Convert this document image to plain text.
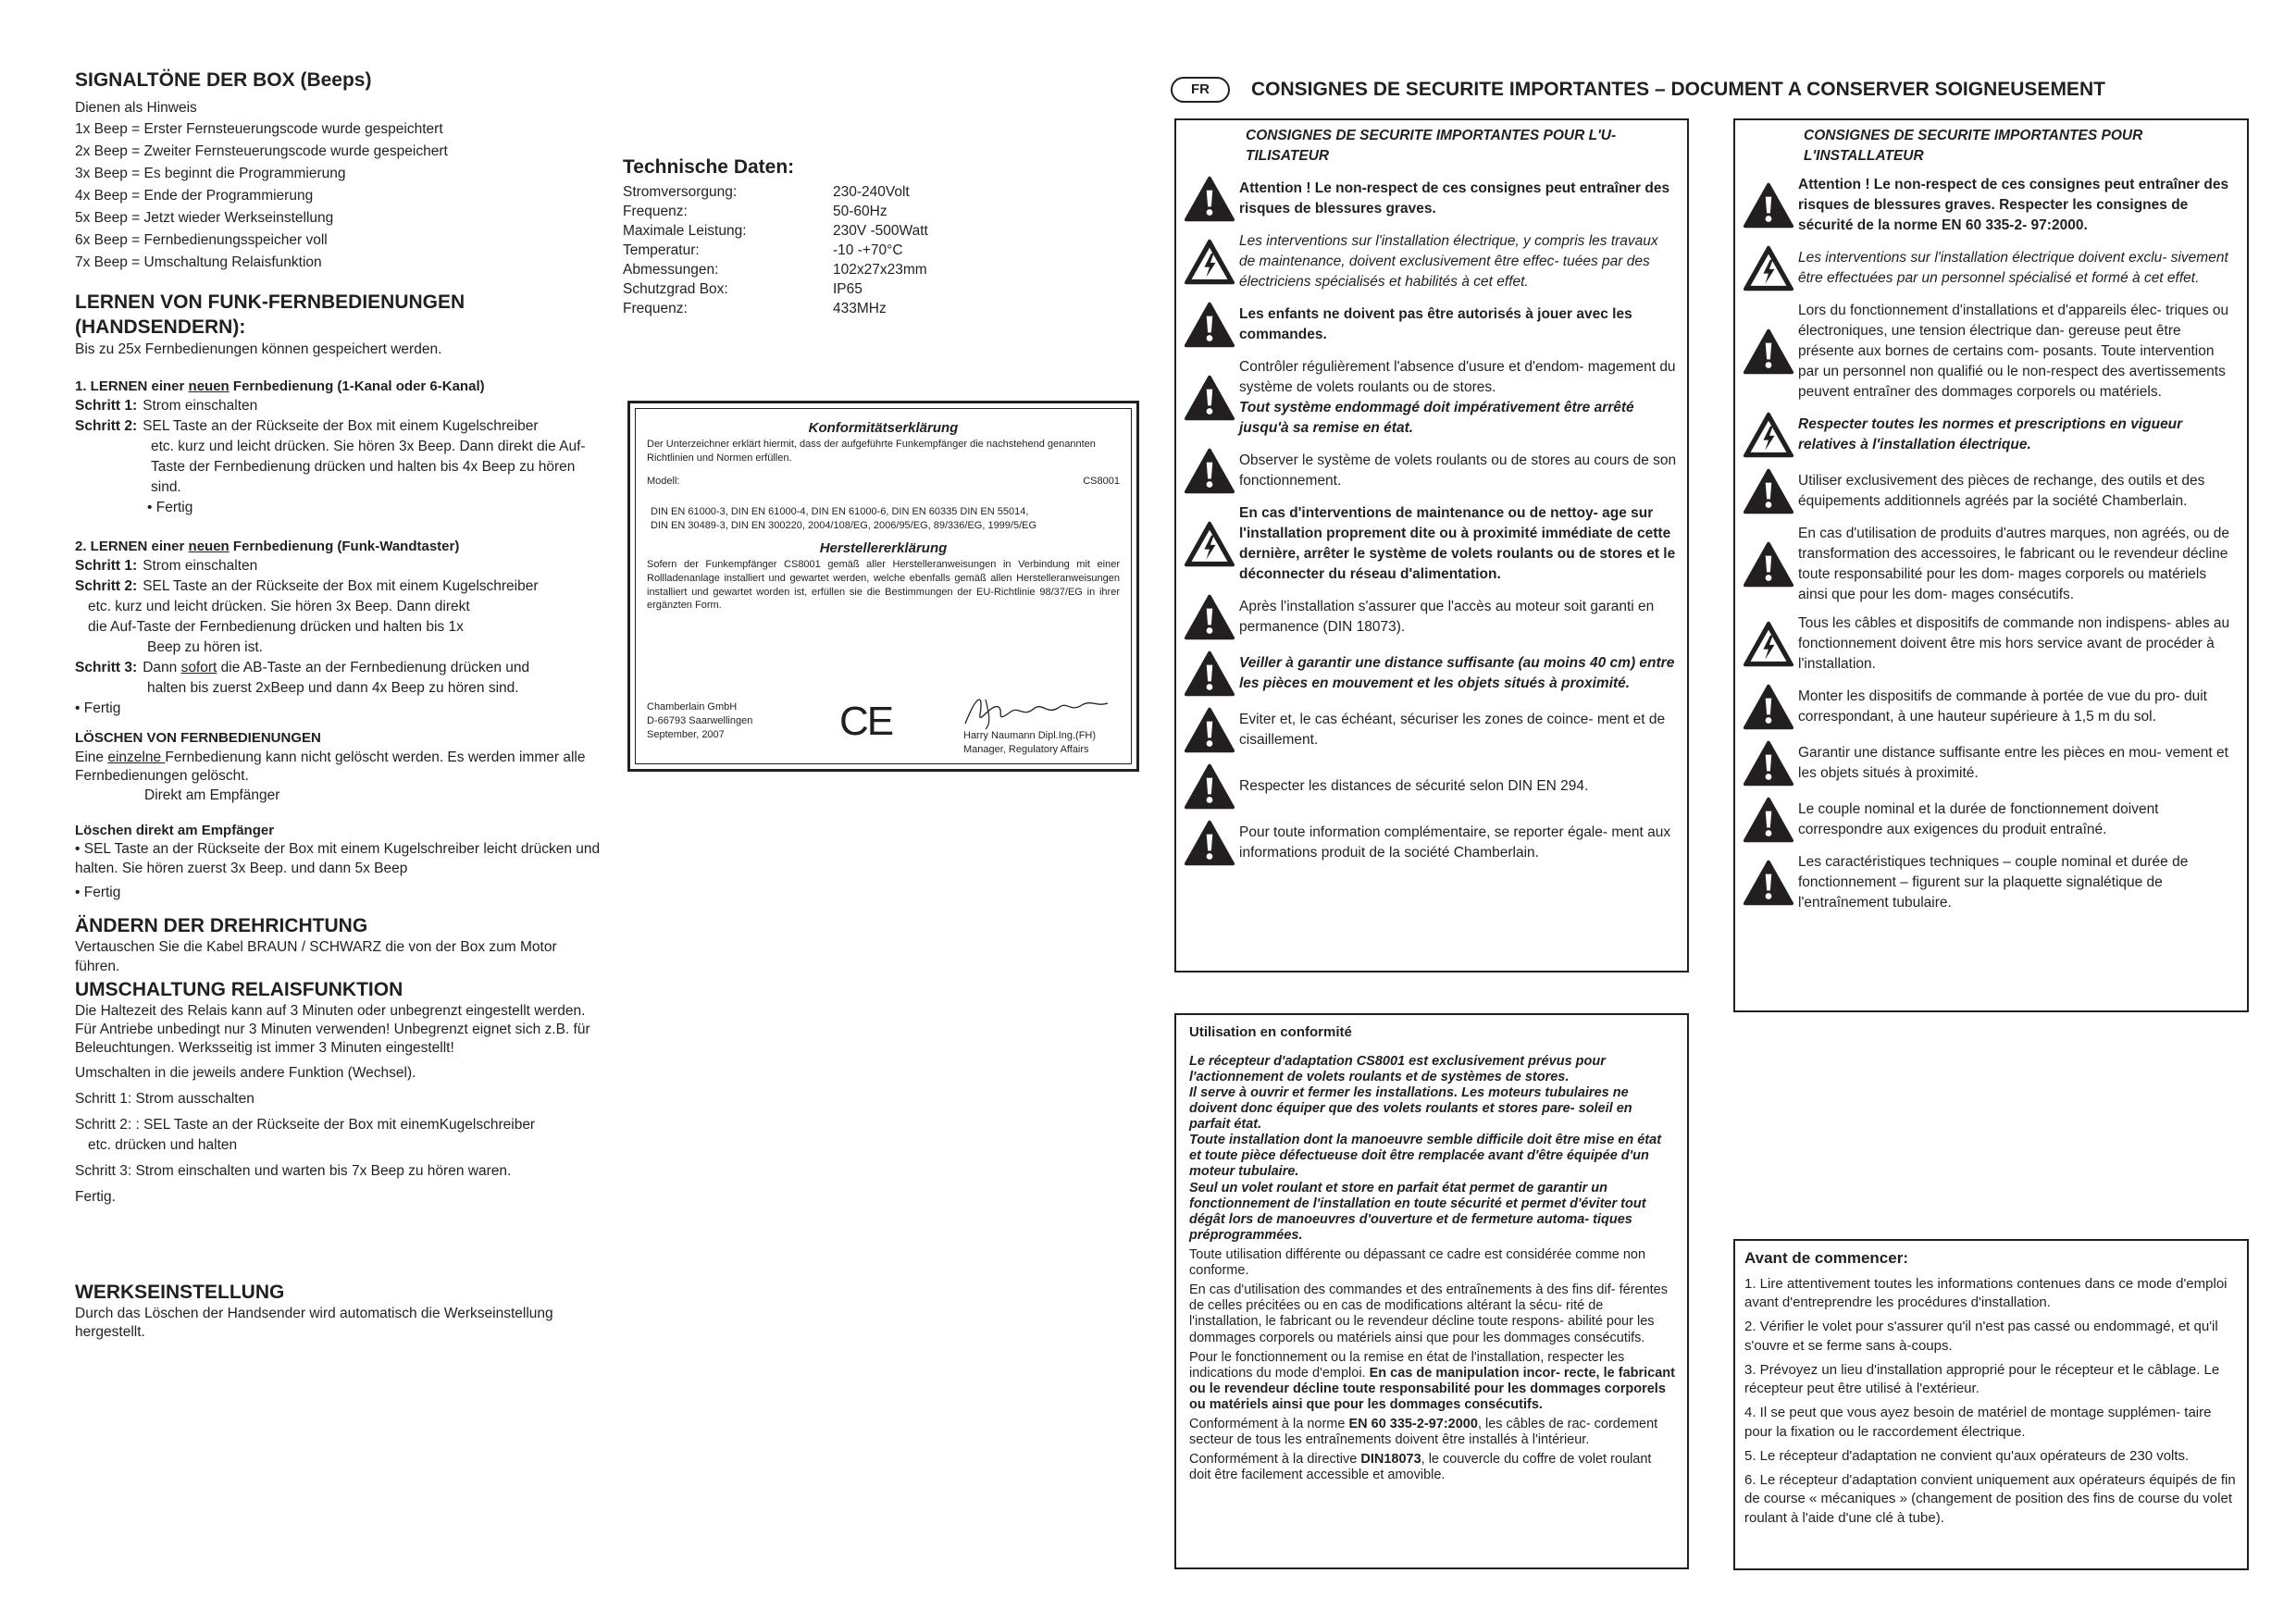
SIGNALTÖNE DER BOX (Beeps)

Dienen als Hinweis

1x Beep = Erster Fernsteuerungscode wurde gespeichtert
2x Beep = Zweiter Fernsteuerungscode wurde gespeichert
3x Beep = Es beginnt die Programmierung
4x Beep = Ende der Programmierung
5x Beep = Jetzt wieder Werkseinstellung
6x Beep = Fernbedienungsspeicher voll
7x Beep = Umschaltung Relaisfunktion

LERNEN VON FUNK-FERNBEDIENUNGEN (HANDSENDERN):

Bis zu 25x Fernbedienungen können gespeichert werden.

1. LERNEN einer neuen Fernbedienung (1-Kanal oder 6-Kanal)

Schritt 1: Strom einschalten
Schritt 2: SEL Taste an der Rückseite der Box mit einem Kugelschreiber

etc. kurz und leicht drücken. Sie hören 3x Beep. Dann direkt die Auf-Taste der Fernbedienung drücken und halten bis 4x Beep zu hören sind.

• Fertig

2. LERNEN einer neuen Fernbedienung (Funk-Wandtaster)

Schritt 1: Strom einschalten
Schritt 2: SEL Taste an der Rückseite der Box mit einem Kugelschreiber

etc. kurz und leicht drücken. Sie hören 3x Beep. Dann direkt

die Auf-Taste der Fernbedienung drücken und halten bis 1x

Beep zu hören ist.

Schritt 3: Dann sofort die AB-Taste an der Fernbedienung drücken und

halten bis zuerst 2xBeep und dann 4x Beep zu hören sind.

• Fertig

LÖSCHEN VON FERNBEDIENUNGEN

Eine einzelne Fernbedienung kann nicht gelöscht werden. Es werden immer alle Fernbedienungen gelöscht.

Direkt am Empfänger

Löschen direkt am Empfänger

• SEL Taste an der Rückseite der Box mit einem Kugelschreiber leicht drücken und halten. Sie hören zuerst 3x Beep. und dann 5x Beep

• Fertig

ÄNDERN DER DREHRICHTUNG

Vertauschen Sie die Kabel BRAUN / SCHWARZ die von der Box zum Motor führen.

UMSCHALTUNG RELAISFUNKTION

Die Haltezeit des Relais kann auf 3 Minuten oder unbegrenzt eingestellt werden. Für Antriebe unbedingt nur 3 Minuten verwenden! Unbegrenzt eignet sich z.B. für Beleuchtungen. Werksseitig ist immer 3 Minuten eingestellt!

Umschalten in die jeweils andere Funktion (Wechsel).

Schritt 1: Strom ausschalten

Schritt 2: : SEL Taste an der Rückseite der Box mit einemKugelschreiber

etc. drücken und halten

Schritt 3: Strom einschalten und warten bis 7x Beep zu hören waren.

Fertig.

WERKSEINSTELLUNG

Durch das Löschen der Handsender wird automatisch die Werkseinstellung hergestellt.

Technische Daten:

Stromversorgung:	230-240Volt
Frequenz:	50-60Hz
Maximale Leistung:	230V -500Watt
Temperatur:	-10 -+70°C
Abmessungen:	102x27x23mm
Schutzgrad Box:	IP65
Frequenz:	433MHz

Konformitätserklärung

Der Unterzeichner erklärt hiermit, dass der aufgeführte Funkempfänger die nachstehend genannten Richtlinien und Normen erfüllen.

Modell:	CS8001

DIN EN 61000-3, DIN EN 61000-4, DIN EN 61000-6, DIN EN 60335 DIN EN 55014,

DIN EN 30489-3, DIN EN 300220, 2004/108/EG, 2006/95/EG, 89/336/EG, 1999/5/EG

Herstellererklärung

Sofern der Funkempfänger CS8001 gemäß aller Herstelleranweisungen in Verbindung mit einer Rollladenanlage installiert und gewartet werden, welche ebenfalls gemäß allen Herstelleranweisungen installiert und gewartet worden ist, erfüllen sie die Bestimmungen der EU-Richtlinie 98/37/EG in ihrer ergänzten Form.

Chamberlain GmbH
D-66793 Saarwellingen
September, 2007	CE	Harry Naumann Dipl.Ing.(FH)
Manager, Regulatory Affairs
FR	CONSIGNES DE SECURITE IMPORTANTES – DOCUMENT A CONSERVER SOIGNEUSEMENT

CONSIGNES DE SECURITE IMPORTANTES POUR L'U- TILISATEUR

Attention ! Le non-respect de ces consignes peut entraîner des risques de blessures graves.

Les interventions sur l'installation électrique, y compris les travaux de maintenance, doivent exclusivement être effec- tuées par des électriciens spécialisés et habilités à cet effet.

Les enfants ne doivent pas être autorisés à jouer avec les commandes.

Contrôler régulièrement l'absence d'usure et d'endom- magement du système de volets roulants ou de stores.

Tout système endommagé doit impérativement être arrêté jusqu'à sa remise en état.

Observer le système de volets roulants ou de stores au cours de son fonctionnement.

En cas d'interventions de maintenance ou de nettoy- age sur l'installation proprement dite ou à proximité immédiate de cette dernière, arrêter le système de volets roulants ou de stores et le déconnecter du réseau d'alimentation.

Après l'installation s'assurer que l'accès au moteur soit garanti en permanence (DIN 18073).

Veiller à garantir une distance suffisante (au moins 40 cm) entre les pièces en mouvement et les objets situés à proximité.

Eviter et, le cas échéant, sécuriser les zones de coince- ment et de cisaillement.

Respecter les distances de sécurité selon DIN EN 294.

Pour toute information complémentaire, se reporter égale- ment aux informations produit de la société Chamberlain.

CONSIGNES DE SECURITE IMPORTANTES POUR L'INSTALLATEUR

Attention ! Le non-respect de ces consignes peut entraîner des risques de blessures graves. Respecter les consignes de sécurité de la norme EN 60 335-2- 97:2000.

Les interventions sur l'installation électrique doivent exclu- sivement être effectuées par un personnel spécialisé et formé à cet effet.

Lors du fonctionnement d'installations et d'appareils élec- triques ou électroniques, une tension électrique dan- gereuse peut être présente aux bornes de certains com- posants. Toute intervention par un personnel non qualifié ou le non-respect des avertissements peuvent entraîner des dommages corporels ou matériels.

Respecter toutes les normes et prescriptions en vigueur relatives à l'installation électrique.

Utiliser exclusivement des pièces de rechange, des outils et des équipements additionnels agréés par la société Chamberlain.

En cas d'utilisation de produits d'autres marques, non agréés, ou de transformation des accessoires, le fabricant ou le revendeur décline toute responsabilité pour les dom- mages corporels ou matériels ainsi que pour les dom- mages consécutifs.

Tous les câbles et dispositifs de commande non indispens- ables au fonctionnement doivent être mis hors service avant de procéder à l'installation.

Monter les dispositifs de commande à portée de vue du pro- duit correspondant, à une hauteur supérieure à 1,5 m du sol.

Garantir une distance suffisante entre les pièces en mou- vement et les objets situés à proximité.

Le couple nominal et la durée de fonctionnement doivent correspondre aux exigences du produit entraîné.

Les caractéristiques techniques – couple nominal et durée de fonctionnement – figurent sur la plaquette signalétique de l'entraînement tubulaire.

Utilisation en conformité

Le récepteur d'adaptation CS8001 est exclusivement prévus pour l'actionnement de volets roulants et de systèmes de stores.

Il serve à ouvrir et fermer les installations. Les moteurs tubulaires ne doivent donc équiper que des volets roulants et stores pare- soleil en parfait état.

Toute installation dont la manoeuvre semble difficile doit être mise en état et toute pièce défectueuse doit être remplacée avant d'être équipée d'un moteur tubulaire.

Seul un volet roulant et store en parfait état permet de garantir un fonctionnement de l'installation en toute sécurité et permet d'éviter tout dégât lors de manoeuvres d'ouverture et de fermeture automa- tiques préprogrammées.

Toute utilisation différente ou dépassant ce cadre est considérée comme non conforme.

En cas d'utilisation des commandes et des entraînements à des fins dif- férentes de celles précitées ou en cas de modifications altérant la sécu- rité de l'installation, le fabricant ou le revendeur décline toute respons- abilité pour les dommages corporels ou matériels ainsi que pour les dommages consécutifs.

Pour le fonctionnement ou la remise en état de l'installation, respecter les indications du mode d'emploi. En cas de manipulation incor- recte, le fabricant ou le revendeur décline toute responsabilité pour les dommages corporels ou matériels ainsi que pour les dommages consécutifs.

Conformément à la norme EN 60 335-2-97:2000, les câbles de rac- cordement secteur de tous les entraînements doivent être installés à l'intérieur.

Conformément à la directive DIN18073, le couvercle du coffre de volet roulant doit être facilement accessible et amovible.

Avant de commencer:

1. Lire attentivement toutes les informations contenues dans ce mode d'emploi avant d'entreprendre les procédures d'installation.

2. Vérifier le volet pour s'assurer qu'il n'est pas cassé ou endommagé, et qu'il s'ouvre et se ferme sans à-coups.

3. Prévoyez un lieu d'installation approprié pour le récepteur et le câblage. Le récepteur peut être utilisé à l'extérieur.

4. Il se peut que vous ayez besoin de matériel de montage supplémen- taire pour la fixation ou le raccordement électrique.

5. Le récepteur d'adaptation ne convient qu'aux opérateurs de 230 volts.

6. Le récepteur d'adaptation convient uniquement aux opérateurs équipés de fin de course « mécaniques » (changement de position des fins de course du volet roulant à l'aide d'une clé à tube).
